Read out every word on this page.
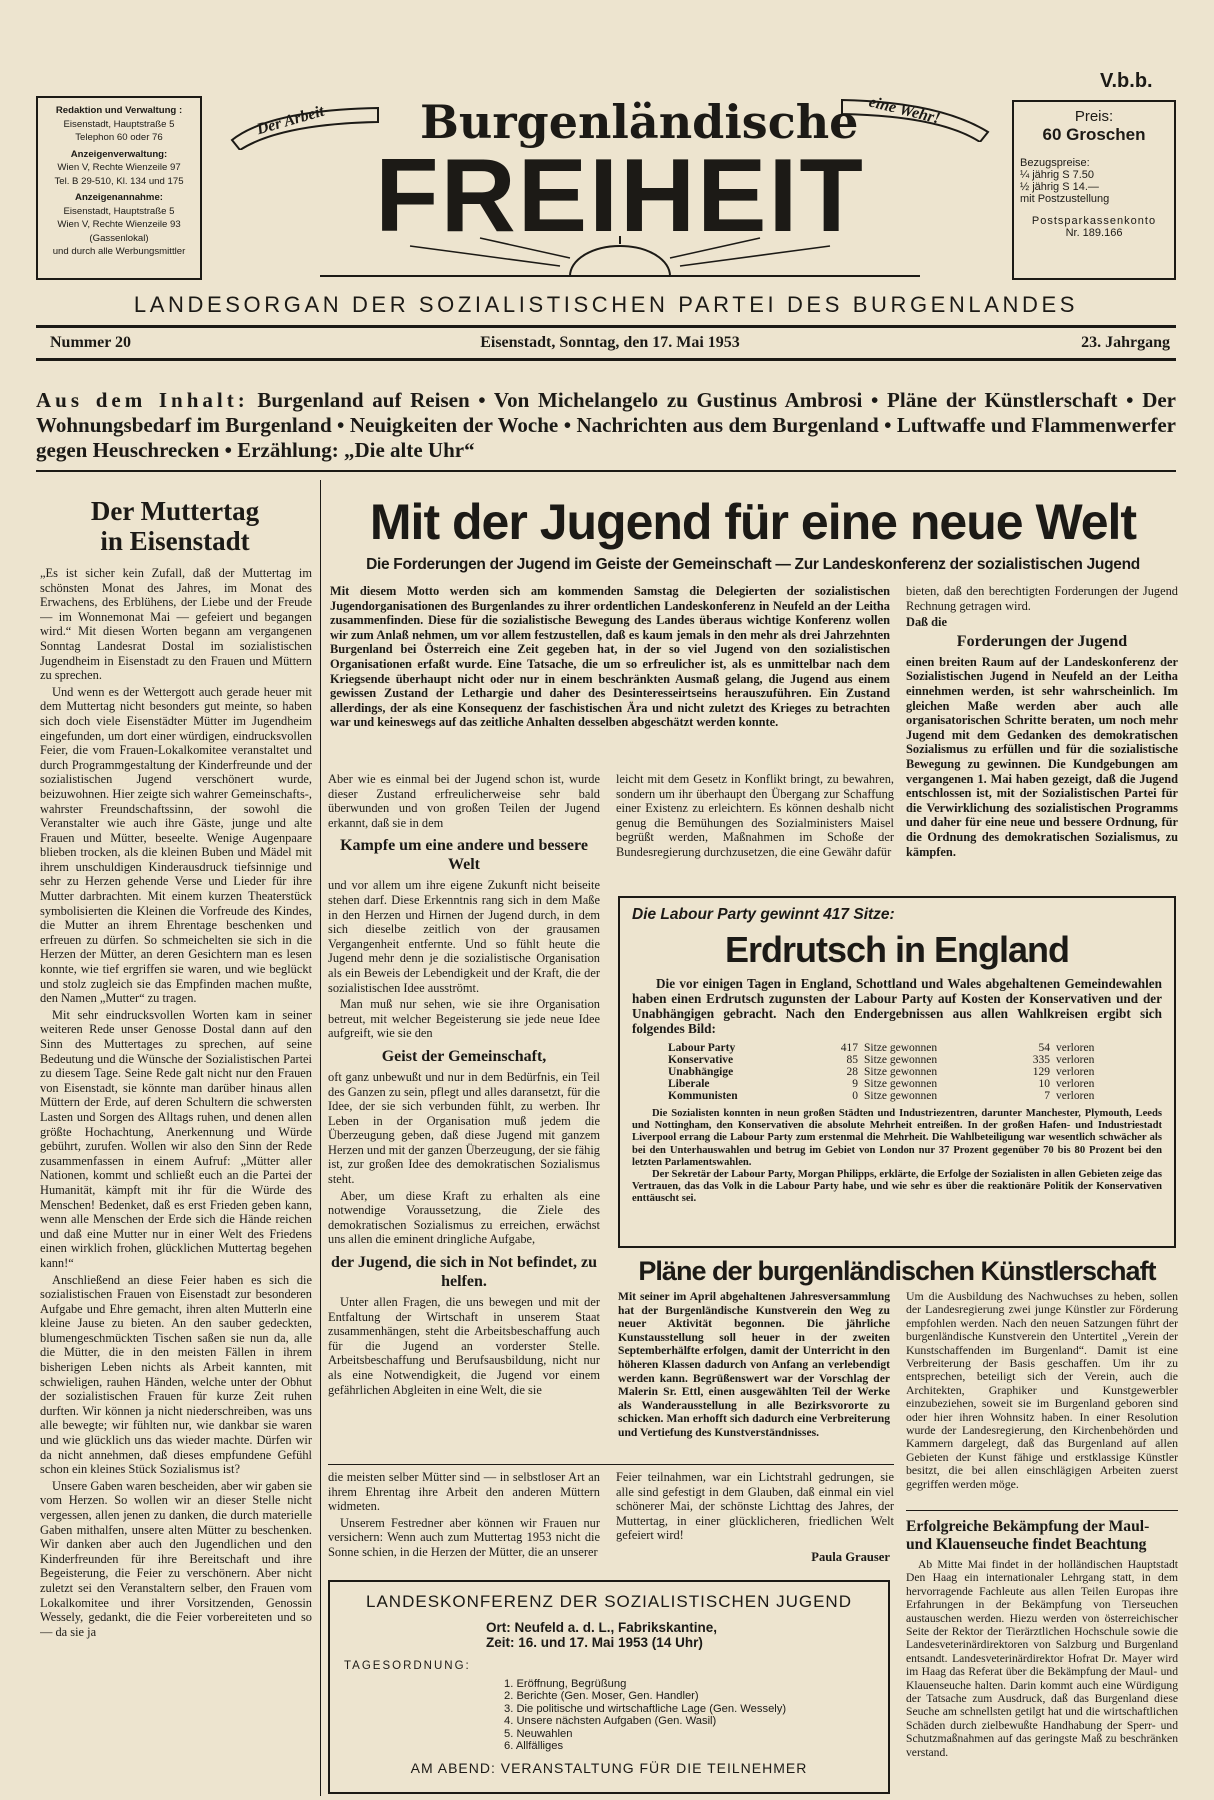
Redaktion und Verwaltung :
Eisenstadt, Hauptstraße 5
Telephon 60 oder 76
Anzeigenverwaltung:
Wien V, Rechte Wienzeile 97
Tel. B 29-510, Kl. 134 und 175
Anzeigenannahme:
Eisenstadt, Hauptstraße 5
Wien V, Rechte Wienzeile 93
(Gassenlokal)
und durch alle Werbungsmittler
Der Arbeit	eine Wehr!
Burgenländische
FREIHEIT
V.b.b.
Preis:
60 Groschen
Bezugspreise:
¼ jährig S 7.50
½ jährig S 14.—
mit Postzustellung
Postsparkassenkonto
Nr. 189.166
LANDESORGAN DER SOZIALISTISCHEN PARTEI DES BURGENLANDES
Nummer 20	Eisenstadt, Sonntag, den 17. Mai 1953	23. Jahrgang
Aus dem Inhalt: Burgenland auf Reisen • Von Michelangelo zu Gustinus Ambrosi • Pläne der Künstlerschaft • Der Wohnungsbedarf im Burgenland • Neuigkeiten der Woche • Nachrichten aus dem Burgenland • Luftwaffe und Flammenwerfer gegen Heuschrecken • Erzählung: „Die alte Uhr“
Der Muttertag
in Eisenstadt

„Es ist sicher kein Zufall, daß der Muttertag im schönsten Monat des Jahres, im Monat des Erwachens, des Erblühens, der Liebe und der Freude — im Wonnemonat Mai — gefeiert und begangen wird.“ Mit diesen Worten begann am vergangenen Sonntag Landesrat Dostal im sozialistischen Jugendheim in Eisenstadt zu den Frauen und Müttern zu sprechen.

Und wenn es der Wettergott auch gerade heuer mit dem Muttertag nicht besonders gut meinte, so haben sich doch viele Eisenstädter Mütter im Jugendheim eingefunden, um dort einer würdigen, eindrucksvollen Feier, die vom Frauen-Lokalkomitee veranstaltet und durch Programmgestaltung der Kinderfreunde und der sozialistischen Jugend verschönert wurde, beizuwohnen. Hier zeigte sich wahrer Gemeinschafts-, wahrster Freundschaftssinn, der sowohl die Veranstalter wie auch ihre Gäste, junge und alte Frauen und Mütter, beseelte. Wenige Augenpaare blieben trocken, als die kleinen Buben und Mädel mit ihrem unschuldigen Kinderausdruck tiefsinnige und sehr zu Herzen gehende Verse und Lieder für ihre Mutter darbrachten. Mit einem kurzen Theaterstück symbolisierten die Kleinen die Vorfreude des Kindes, die Mutter an ihrem Ehrentage beschenken und erfreuen zu dürfen. So schmeichelten sie sich in die Herzen der Mütter, an deren Gesichtern man es lesen konnte, wie tief ergriffen sie waren, und wie beglückt und stolz zugleich sie das Empfinden machen mußte, den Namen „Mutter“ zu tragen.

Mit sehr eindrucksvollen Worten kam in seiner weiteren Rede unser Genosse Dostal dann auf den Sinn des Muttertages zu sprechen, auf seine Bedeutung und die Wünsche der Sozialistischen Partei zu diesem Tage. Seine Rede galt nicht nur den Frauen von Eisenstadt, sie könnte man darüber hinaus allen Müttern der Erde, auf deren Schultern die schwersten Lasten und Sorgen des Alltags ruhen, und denen allen größte Hochachtung, Anerkennung und Würde gebührt, zurufen. Wollen wir also den Sinn der Rede zusammenfassen in einem Aufruf: „Mütter aller Nationen, kommt und schließt euch an die Partei der Humanität, kämpft mit ihr für die Würde des Menschen! Bedenket, daß es erst Frieden geben kann, wenn alle Menschen der Erde sich die Hände reichen und daß eine Mutter nur in einer Welt des Friedens einen wirklich frohen, glücklichen Muttertag begehen kann!“

Anschließend an diese Feier haben es sich die sozialistischen Frauen von Eisenstadt zur besonderen Aufgabe und Ehre gemacht, ihren alten Mutterln eine kleine Jause zu bieten. An den sauber gedeckten, blumengeschmückten Tischen saßen sie nun da, alle die Mütter, die in den meisten Fällen in ihrem bisherigen Leben nichts als Arbeit kannten, mit schwieligen, rauhen Händen, welche unter der Obhut der sozialistischen Frauen für kurze Zeit ruhen durften. Wir können ja nicht niederschreiben, was uns alle bewegte; wir fühlten nur, wie dankbar sie waren und wie glücklich uns das wieder machte. Dürfen wir da nicht annehmen, daß dieses empfundene Gefühl schon ein kleines Stück Sozialismus ist?

Unsere Gaben waren bescheiden, aber wir gaben sie vom Herzen. So wollen wir an dieser Stelle nicht vergessen, allen jenen zu danken, die durch materielle Gaben mithalfen, unsere alten Mütter zu beschenken. Wir danken aber auch den Jugendlichen und den Kinderfreunden für ihre Bereitschaft und ihre Begeisterung, die Feier zu verschönern. Aber nicht zuletzt sei den Veranstaltern selber, den Frauen vom Lokalkomitee und ihrer Vorsitzenden, Genossin Wessely, gedankt, die die Feier vorbereiteten und so — da sie ja

Mit der Jugend für eine neue Welt
Die Forderungen der Jugend im Geiste der Gemeinschaft — Zur Landeskonferenz der sozialistischen Jugend

Mit diesem Motto werden sich am kommenden Samstag die Delegierten der sozialistischen Jugendorganisationen des Burgenlandes zu ihrer ordentlichen Landeskonferenz in Neufeld an der Leitha zusammenfinden. Diese für die sozialistische Bewegung des Landes überaus wichtige Konferenz wollen wir zum Anlaß nehmen, um vor allem festzustellen, daß es kaum jemals in den mehr als drei Jahrzehnten Burgenland bei Österreich eine Zeit gegeben hat, in der so viel Jugend von den sozialistischen Organisationen erfaßt wurde. Eine Tatsache, die um so erfreulicher ist, als es unmittelbar nach dem Kriegsende überhaupt nicht oder nur in einem beschränkten Ausmaß gelang, die Jugend aus einem gewissen Zustand der Lethargie und daher des Desinteresseirtseins herauszuführen. Ein Zustand allerdings, der als eine Konsequenz der faschistischen Ära und nicht zuletzt des Krieges zu betrachten war und keineswegs auf das zeitliche Anhalten desselben abgeschätzt werden konnte.

Aber wie es einmal bei der Jugend schon ist, wurde dieser Zustand erfreulicherweise sehr bald überwunden und von großen Teilen der Jugend erkannt, daß sie in dem

Kampfe um eine andere und bessere Welt

und vor allem um ihre eigene Zukunft nicht beiseite stehen darf. Diese Erkenntnis rang sich in dem Maße in den Herzen und Hirnen der Jugend durch, in dem sich dieselbe zeitlich von der grausamen Vergangenheit entfernte. Und so fühlt heute die Jugend mehr denn je die sozialistische Organisation als ein Beweis der Lebendigkeit und der Kraft, die der sozialistischen Idee ausströmt.

Man muß nur sehen, wie sie ihre Organisation betreut, mit welcher Begeisterung sie jede neue Idee aufgreift, wie sie den

Geist der Gemeinschaft,

oft ganz unbewußt und nur in dem Bedürfnis, ein Teil des Ganzen zu sein, pflegt und alles daransetzt, für die Idee, der sie sich verbunden fühlt, zu werben. Ihr Leben in der Organisation muß jedem die Überzeugung geben, daß diese Jugend mit ganzem Herzen und mit der ganzen Überzeugung, der sie fähig ist, zur großen Idee des demokratischen Sozialismus steht.

Aber, um diese Kraft zu erhalten als eine notwendige Voraussetzung, die Ziele des demokratischen Sozialismus zu erreichen, erwächst uns allen die eminent dringliche Aufgabe,

der Jugend, die sich in Not befindet, zu helfen.

Unter allen Fragen, die uns bewegen und mit der Entfaltung der Wirtschaft in unserem Staat zusammenhängen, steht die Arbeitsbeschaffung auch für die Jugend an vorderster Stelle. Arbeitsbeschaffung und Berufsausbildung, nicht nur als eine Notwendigkeit, die Jugend vor einem gefährlichen Abgleiten in eine Welt, die sie

leicht mit dem Gesetz in Konflikt bringt, zu bewahren, sondern um ihr überhaupt den Übergang zur Schaffung einer Existenz zu erleichtern. Es können deshalb nicht genug die Bemühungen des Sozialministers Maisel begrüßt werden, Maßnahmen im Schoße der Bundesregierung durchzusetzen, die eine Gewähr dafür

bieten, daß den berechtigten Forderungen der Jugend Rechnung getragen wird.

Daß die

Forderungen der Jugend

einen breiten Raum auf der Landeskonferenz der Sozialistischen Jugend in Neufeld an der Leitha einnehmen werden, ist sehr wahrscheinlich. Im gleichen Maße werden aber auch alle organisatorischen Schritte beraten, um noch mehr Jugend mit dem Gedanken des demokratischen Sozialismus zu erfüllen und für die sozialistische Bewegung zu gewinnen. Die Kundgebungen am vergangenen 1. Mai haben gezeigt, daß die Jugend entschlossen ist, mit der Sozialistischen Partei für die Verwirklichung des sozialistischen Programms und daher für eine neue und bessere Ordnung, für die Ordnung des demokratischen Sozialismus, zu kämpfen.

Die Labour Party gewinnt 417 Sitze:
Erdrutsch in England
Die vor einigen Tagen in England, Schottland und Wales abgehaltenen Gemeindewahlen haben einen Erdrutsch zugunsten der Labour Party auf Kosten der Konservativen und der Unabhängigen gebracht. Nach den Endergebnissen aus allen Wahlkreisen ergibt sich folgendes Bild:
Labour Party	417	Sitze gewonnen	54	verloren
Konservative	85	Sitze gewonnen	335	verloren
Unabhängige	28	Sitze gewonnen	129	verloren
Liberale	9	Sitze gewonnen	10	verloren
Kommunisten	0	Sitze gewonnen	7	verloren
Die Sozialisten konnten in neun großen Städten und Industriezentren, darunter Manchester, Plymouth, Leeds und Nottingham, den Konservativen die absolute Mehrheit entreißen. In der großen Hafen- und Industriestadt Liverpool errang die Labour Party zum erstenmal die Mehrheit. Die Wahlbeteiligung war wesentlich schwächer als bei den Unterhauswahlen und betrug im Gebiet von London nur 37 Prozent gegenüber 70 bis 80 Prozent bei den letzten Parlamentswahlen.
Der Sekretär der Labour Party, Morgan Philipps, erklärte, die Erfolge der Sozialisten in allen Gebieten zeige das Vertrauen, das das Volk in die Labour Party habe, und wie sehr es über die reaktionäre Politik der Konservativen enttäuscht sei.
Pläne der burgenländischen Künstlerschaft

Mit seiner im April abgehaltenen Jahresversammlung hat der Burgenländische Kunstverein den Weg zu neuer Aktivität begonnen. Die jährliche Kunstausstellung soll heuer in der zweiten Septemberhälfte erfolgen, damit der Unterricht in den höheren Klassen dadurch von Anfang an verlebendigt werden kann. Begrüßenswert war der Vorschlag der Malerin Sr. Ettl, einen ausgewählten Teil der Werke als Wanderausstellung in alle Bezirksvororte zu schicken. Man erhofft sich dadurch eine Verbreiterung und Vertiefung des Kunstverständnisses.

Um die Ausbildung des Nachwuchses zu heben, sollen der Landesregierung zwei junge Künstler zur Förderung empfohlen werden. Nach den neuen Satzungen führt der burgenländische Kunstverein den Untertitel „Verein der Kunstschaffenden im Burgenland“. Damit ist eine Verbreiterung der Basis geschaffen. Um ihr zu entsprechen, beteiligt sich der Verein, auch die Architekten, Graphiker und Kunstgewerbler einzubeziehen, soweit sie im Burgenland geboren sind oder hier ihren Wohnsitz haben. In einer Resolution wurde der Landesregierung, den Kirchenbehörden und Kammern dargelegt, daß das Burgenland auf allen Gebieten der Kunst fähige und erstklassige Künstler besitzt, die bei allen einschlägigen Arbeiten zuerst gegriffen werden möge.

die meisten selber Mütter sind — in selbstloser Art an ihrem Ehrentag ihre Arbeit den anderen Müttern widmeten.

Unserem Festredner aber können wir Frauen nur versichern: Wenn auch zum Muttertag 1953 nicht die Sonne schien, in die Herzen der Mütter, die an unserer

Feier teilnahmen, war ein Lichtstrahl gedrungen, sie alle sind gefestigt in dem Glauben, daß einmal ein viel schönerer Mai, der schönste Lichttag des Jahres, der Muttertag, in einer glücklicheren, friedlichen Welt gefeiert wird!

Paula Grauser
Erfolgreiche Bekämpfung der Maul- und Klauenseuche findet Beachtung

Ab Mitte Mai findet in der holländischen Hauptstadt Den Haag ein internationaler Lehrgang statt, in dem hervorragende Fachleute aus allen Teilen Europas ihre Erfahrungen in der Bekämpfung von Tierseuchen austauschen werden. Hiezu werden von österreichischer Seite der Rektor der Tierärztlichen Hochschule sowie die Landesveterinärdirektoren von Salzburg und Burgenland entsandt. Landesveterinärdirektor Hofrat Dr. Mayer wird im Haag das Referat über die Bekämpfung der Maul- und Klauenseuche halten. Darin kommt auch eine Würdigung der Tatsache zum Ausdruck, daß das Burgenland diese Seuche am schnellsten getilgt hat und die wirtschaftlichen Schäden durch zielbewußte Handhabung der Sperr- und Schutzmaßnahmen auf das geringste Maß zu beschränken verstand.

LANDESKONFERENZ DER SOZIALISTISCHEN JUGEND
Ort: Neufeld a. d. L., Fabrikskantine,
Zeit: 16. und 17. Mai 1953 (14 Uhr)
TAGESORDNUNG:
1. Eröffnung, Begrüßung
2. Berichte (Gen. Moser, Gen. Handler)
3. Die politische und wirtschaftliche Lage (Gen. Wessely)
4. Unsere nächsten Aufgaben (Gen. Wasil)
5. Neuwahlen
6. Allfälliges
AM ABEND: VERANSTALTUNG FÜR DIE TEILNEHMER
